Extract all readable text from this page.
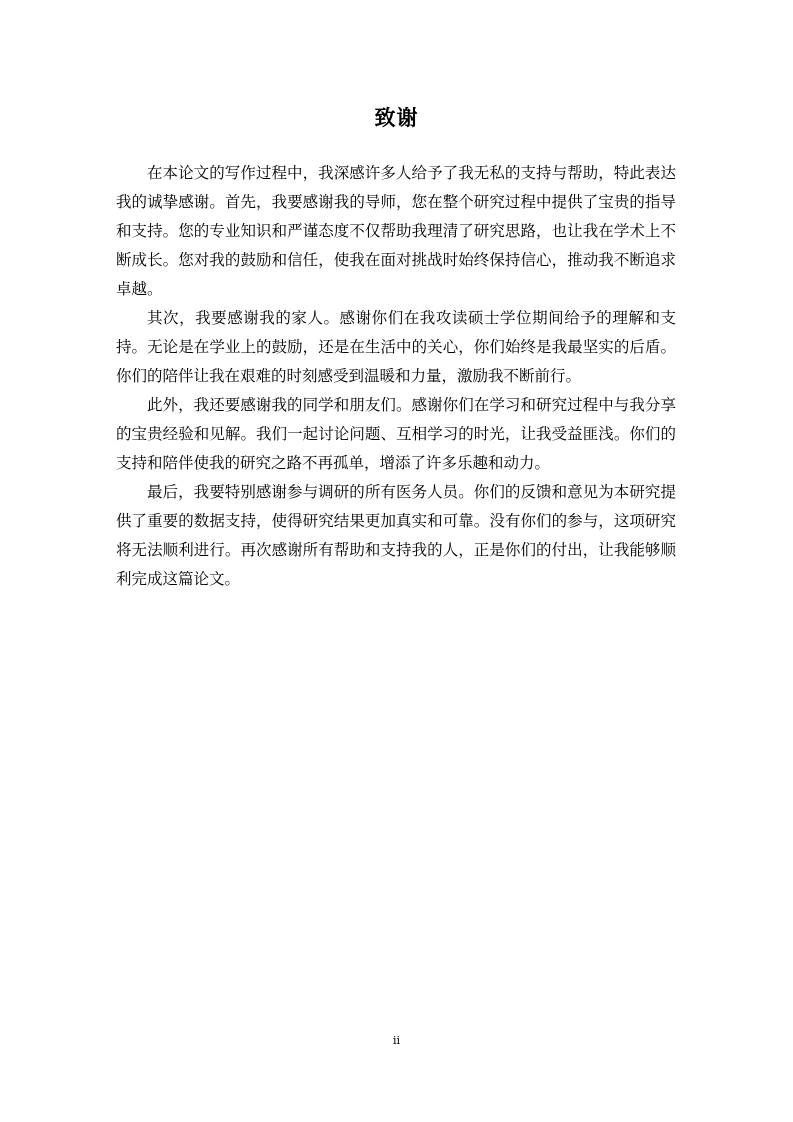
致谢

在本论文的写作过程中，我深感许多人给予了我无私的支持与帮助，特此表达我的诚挚感谢。首先，我要感谢我的导师，您在整个研究过程中提供了宝贵的指导和支持。您的专业知识和严谨态度不仅帮助我理清了研究思路，也让我在学术上不断成长。您对我的鼓励和信任，使我在面对挑战时始终保持信心，推动我不断追求卓越。

其次，我要感谢我的家人。感谢你们在我攻读硕士学位期间给予的理解和支持。无论是在学业上的鼓励，还是在生活中的关心，你们始终是我最坚实的后盾。你们的陪伴让我在艰难的时刻感受到温暖和力量，激励我不断前行。

此外，我还要感谢我的同学和朋友们。感谢你们在学习和研究过程中与我分享的宝贵经验和见解。我们一起讨论问题、互相学习的时光，让我受益匪浅。你们的支持和陪伴使我的研究之路不再孤单，增添了许多乐趣和动力。

最后，我要特别感谢参与调研的所有医务人员。你们的反馈和意见为本研究提供了重要的数据支持，使得研究结果更加真实和可靠。没有你们的参与，这项研究将无法顺利进行。再次感谢所有帮助和支持我的人，正是你们的付出，让我能够顺利完成这篇论文。

ii
